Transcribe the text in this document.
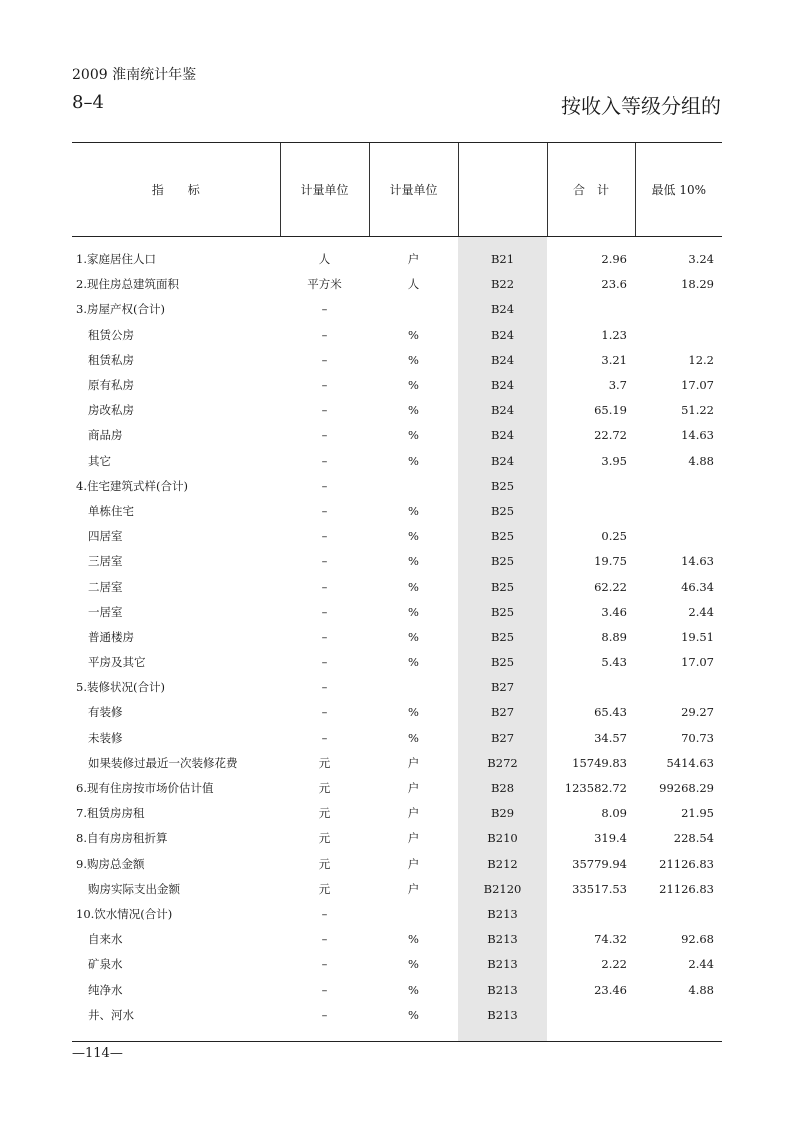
2009 淮南统计年鉴
8–4	按收入等级分组的
指　　标	计量单位	计量单位		合　计	最低 10%

1.家庭居住人口	人	户	B21	2.96	3.24
2.现住房总建筑面积	平方米	人	B22	23.6	18.29
3.房屋产权(合计)	–		B24		
租赁公房	–	%	B24	1.23	
租赁私房	–	%	B24	3.21	12.2
原有私房	–	%	B24	3.7	17.07
房改私房	–	%	B24	65.19	51.22
商品房	–	%	B24	22.72	14.63
其它	–	%	B24	3.95	4.88
4.住宅建筑式样(合计)	–		B25		
单栋住宅	–	%	B25		
四居室	–	%	B25	0.25	
三居室	–	%	B25	19.75	14.63
二居室	–	%	B25	62.22	46.34
一居室	–	%	B25	3.46	2.44
普通楼房	–	%	B25	8.89	19.51
平房及其它	–	%	B25	5.43	17.07
5.装修状况(合计)	–		B27		
有装修	–	%	B27	65.43	29.27
未装修	–	%	B27	34.57	70.73
如果装修过最近一次装修花费	元	户	B272	15749.83	5414.63
6.现有住房按市场价估计值	元	户	B28	123582.72	99268.29
7.租赁房房租	元	户	B29	8.09	21.95
8.自有房房租折算	元	户	B210	319.4	228.54
9.购房总金额	元	户	B212	35779.94	21126.83
购房实际支出金额	元	户	B2120	33517.53	21126.83
10.饮水情况(合计)	–		B213		
自来水	–	%	B213	74.32	92.68
矿泉水	–	%	B213	2.22	2.44
纯净水	–	%	B213	23.46	4.88
井、河水	–	%	B213		

—114—
